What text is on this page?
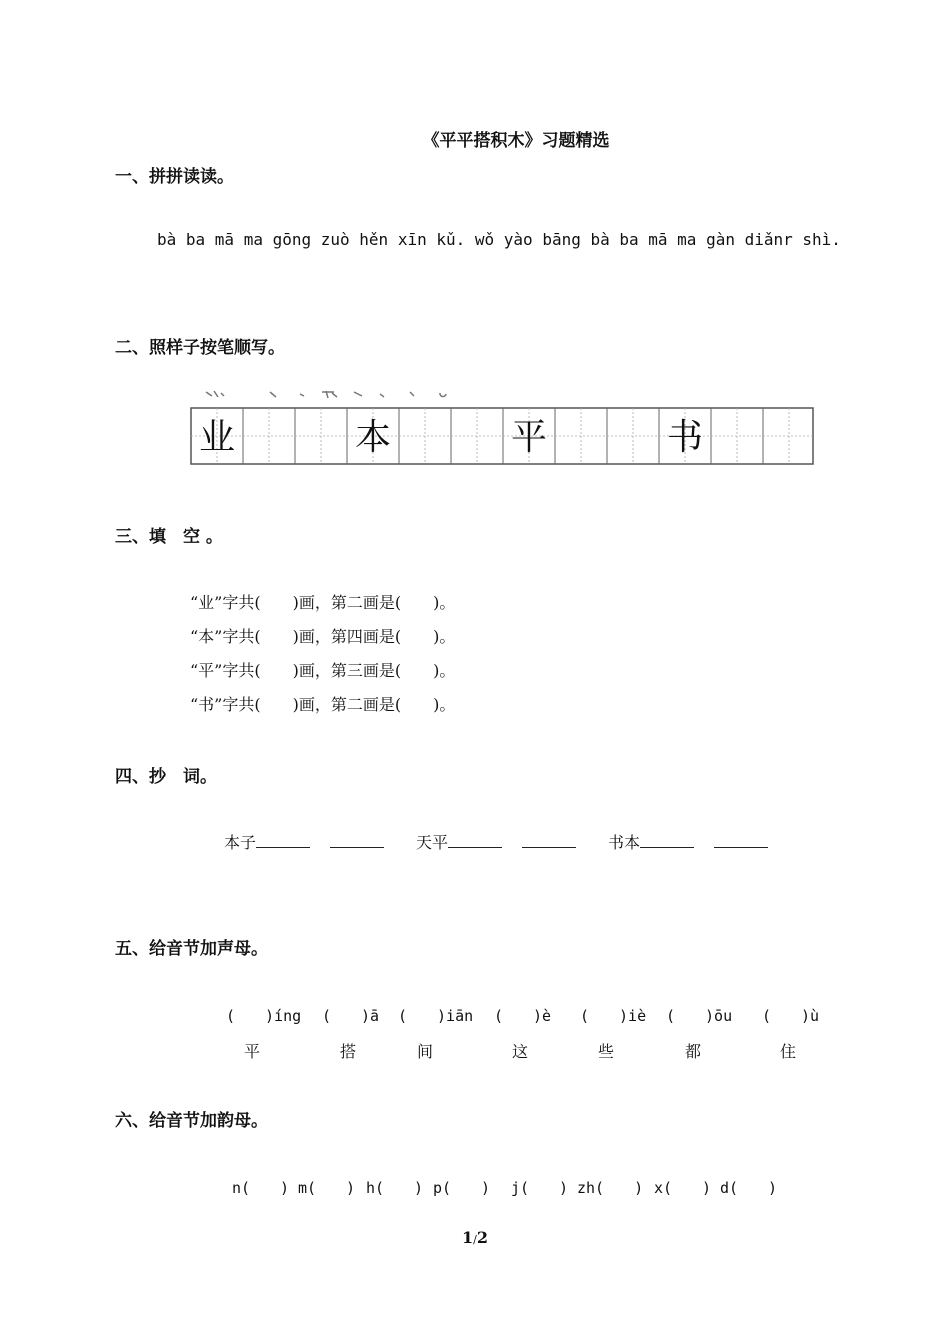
《平平搭积木》习题精选
一、拼拼读读。
bà ba mā ma gōng zuò hěn xīn kǔ. wǒ yào bāng bà ba mā ma gàn diǎnr shì.
二、照样子按笔顺写。
业	本	平	书
三、填　空 。
“业”字共(　　)画，第二画是(　　)。
“本”字共(　　)画，第四画是(　　)。
“平”字共(　　)画，第三画是(　　)。
“书”字共(　　)画，第二画是(　　)。
四、抄　词。
本子	天平	书本
五、给音节加声母。
(　　)íng (　　)ā (　　)iān (　　)è (　　)iè (　　)ōu (　　)ù
平	搭	间	这	些	都	住
六、给音节加韵母。
n(　　) m(　　) h(　　) p(　　) j(　　) zh(　　) x(　　) d(　　)
1/2
